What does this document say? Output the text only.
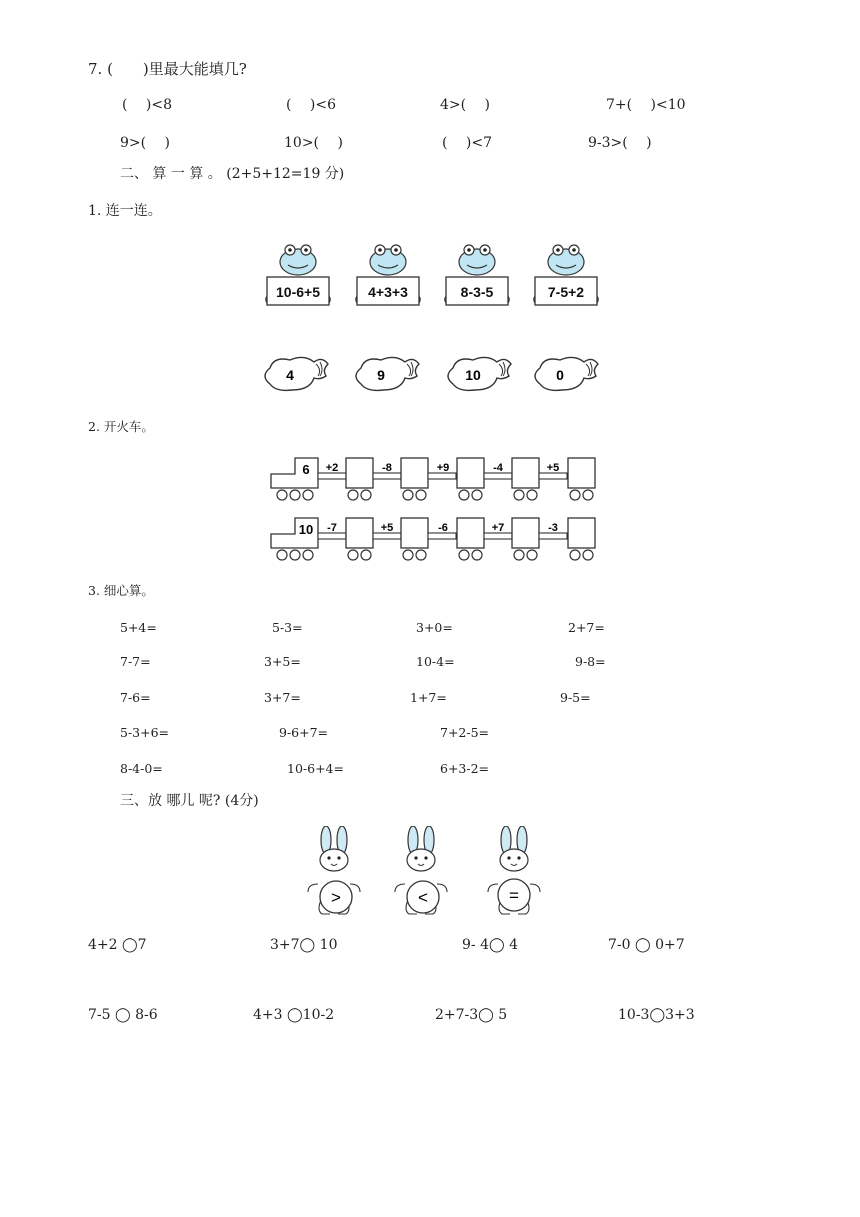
7. (　　)里最大能填几?
(　 )<8	(　 )<6	4>(　 )	7+(　 )<10
9>(　 )	10>(　 )	(　 )<7	9-3>(　 )
二、 算 一 算 。 (2+5+12=19 分)
1. 连一连。
10-6+5	4+3+3	8-3-5	7-5+2
4	9	10	0
2. 开火车。
6 +2	-8	+9	-4	+5
10 -7	+5	-6	+7	-3
3. 细心算。
5+4=	5-3=	3+0=	2+7=
7-7=	3+5=	10-4=	9-8=
7-6=	3+7=	1+7=	9-5=
5-3+6=	9-6+7=	7+2-5=
8-4-0=	10-6+4=	6+3-2=
三、放 哪儿 呢? (4分)
>	<	=
4+2 ◯7	3+7◯ 10	9- 4◯ 4	7-0 ◯ 0+7
7-5 ◯ 8-6	4+3 ◯10-2	2+7-3◯ 5	10-3◯3+3
